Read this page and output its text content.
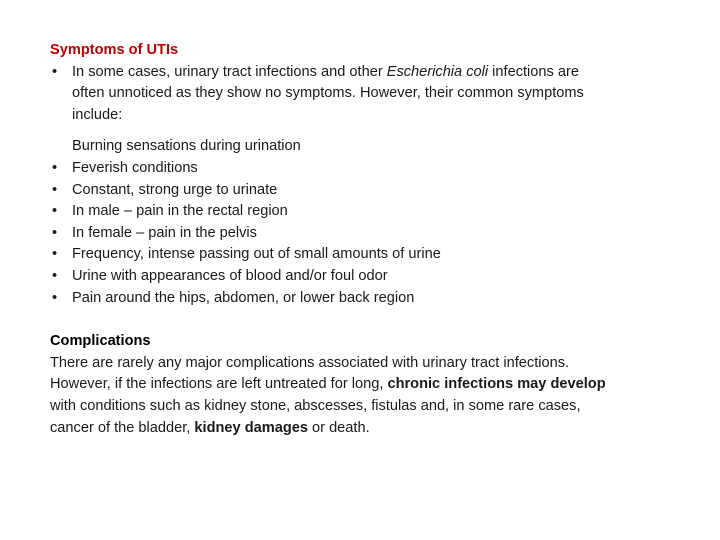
Symptoms of UTIs

• In some cases, urinary tract infections and other Escherichia coli infections are often unnoticed as they show no symptoms. However, their common symptoms include:
Burning sensations during urination
• Feverish conditions
• Constant, strong urge to urinate
• In male – pain in the rectal region
• In female – pain in the pelvis
• Frequency, intense passing out of small amounts of urine
• Urine with appearances of blood and/or foul odor
• Pain around the hips, abdomen, or lower back region

Complications

There are rarely any major complications associated with urinary tract infections. However, if the infections are left untreated for long, chronic infections may develop with conditions such as kidney stone, abscesses, fistulas and, in some rare cases, cancer of the bladder, kidney damages or death.
